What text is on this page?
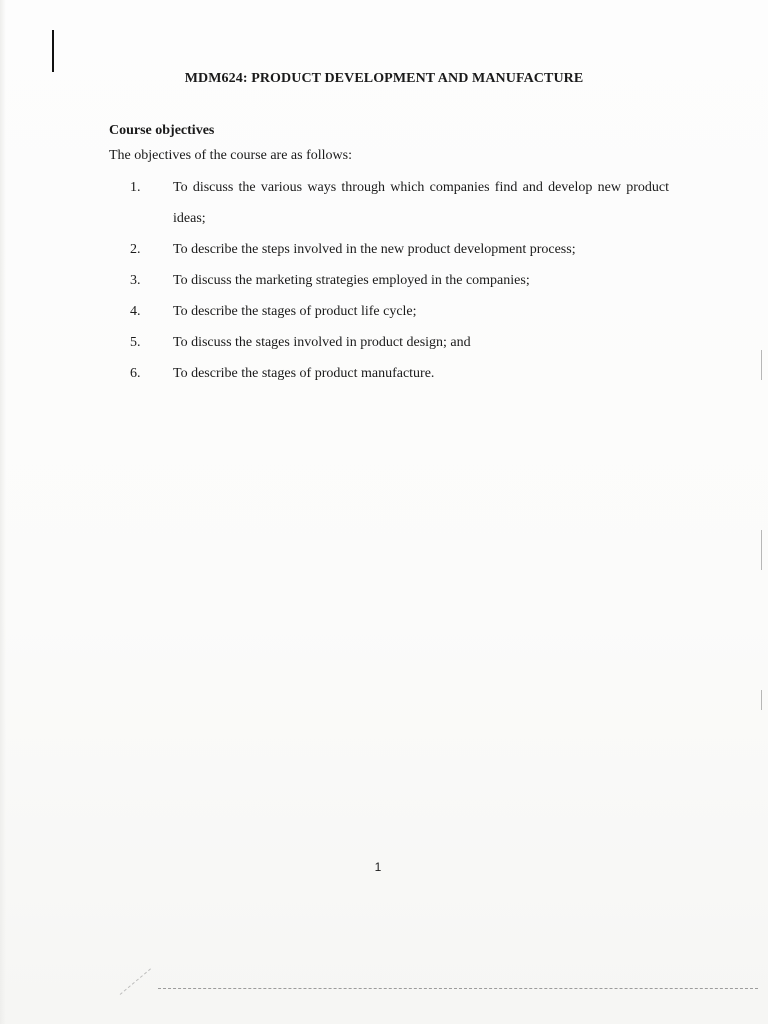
MDM624: PRODUCT DEVELOPMENT AND MANUFACTURE
Course objectives
The objectives of the course are as follows:
1.	To discuss the various ways through which companies find and develop new product ideas;
2.	To describe the steps involved in the new product development process;
3.	To discuss the marketing strategies employed in the companies;
4.	To describe the stages of product life cycle;
5.	To discuss the stages involved in product design; and
6.	To describe the stages of product manufacture.
1
